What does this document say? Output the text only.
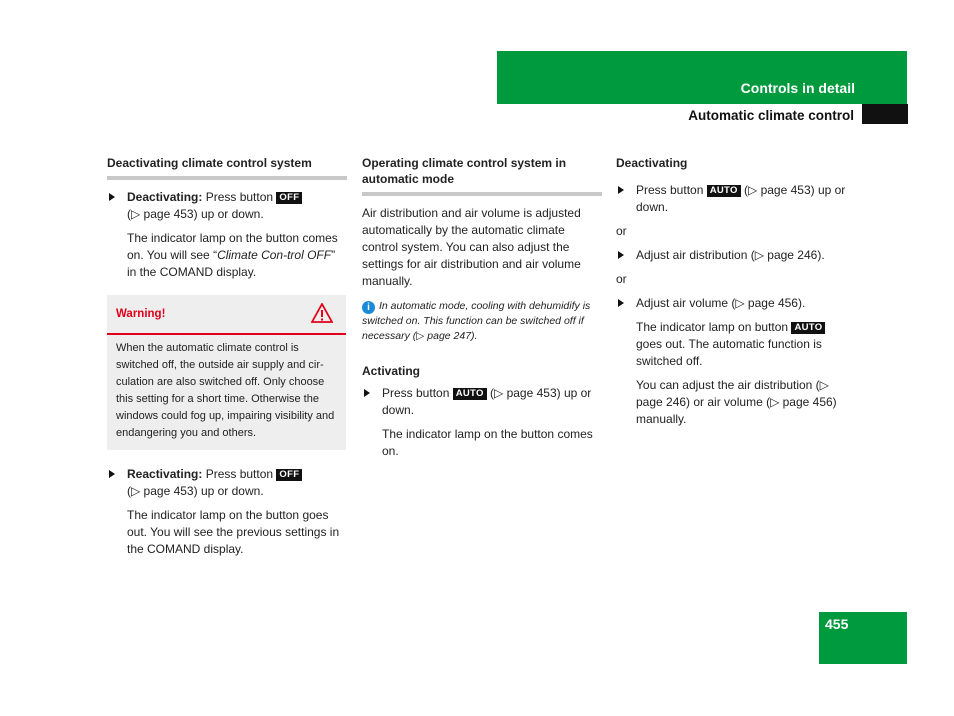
Controls in detail
Automatic climate control
Deactivating climate control system
Deactivating: Press button OFF
(▷ page 453) up or down.
The indicator lamp on the button comes on. You will see “Climate Con-trol OFF” in the COMAND display.
Warning!
When the automatic climate control is switched off, the outside air supply and cir-culation are also switched off. Only choose this setting for a short time. Otherwise the windows could fog up, impairing visibility and endangering you and others.
Reactivating: Press button OFF
(▷ page 453) up or down.
The indicator lamp on the button goes out. You will see the previous settings in the COMAND display.
Operating climate control system in automatic mode
Air distribution and air volume is adjusted automatically by the automatic climate control system. You can also adjust the settings for air distribution and air volume manually.
i In automatic mode, cooling with dehumidify is switched on. This function can be switched off if necessary (▷ page 247).
Activating
Press button AUTO (▷ page 453) up or down.
The indicator lamp on the button comes on.
Deactivating
Press button AUTO (▷ page 453) up or down.
or
Adjust air distribution (▷ page 246).
or
Adjust air volume (▷ page 456).
The indicator lamp on button AUTO goes out. The automatic function is switched off.
You can adjust the air distribution (▷ page 246) or air volume (▷ page 456) manually.
455
